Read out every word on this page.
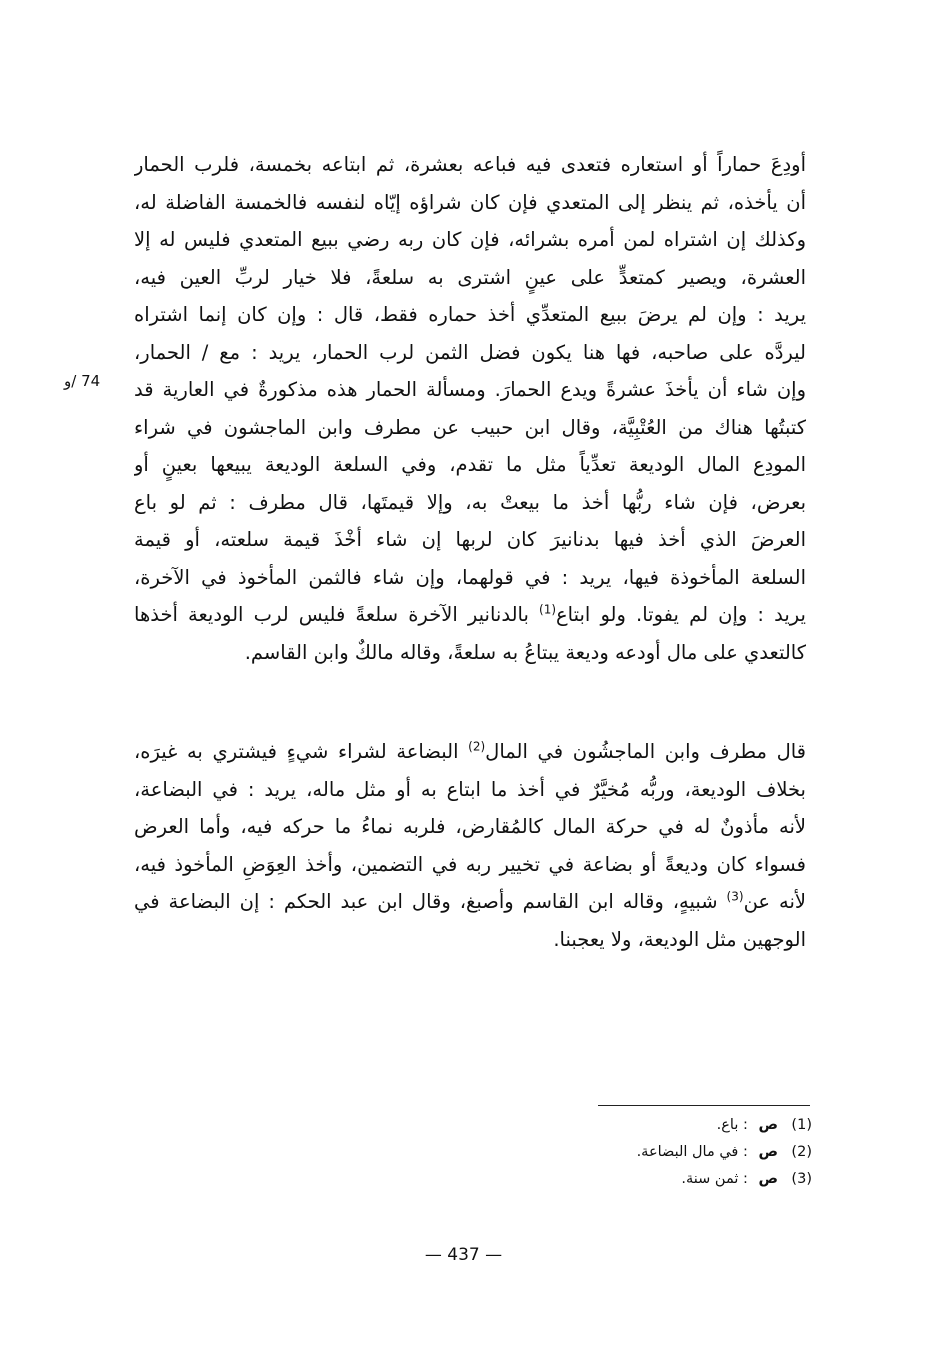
74 /و
أودِعَ حماراً أو استعاره فتعدى فيه فباعه بعشرة، ثم ابتاعه بخمسة، فلرب الحمار
أن يأخذه، ثم ينظر إلى المتعدي فإن كان شراؤه إيّاه لنفسه فالخمسة الفاضلة له،
وكذلك إن اشتراه لمن أمره بشرائه، فإن كان ربه رضي ببيع المتعدي فليس له إلا
العشرة، ويصير كمتعدٍّ على عينٍ اشترى به سلعةً، فلا خيار لربِّ العين فيه،
يريد : وإن لم يرضَ ببيع المتعدِّي أخذ حماره فقط، قال : وإن كان إنما اشتراه
ليردَّه على صاحبه، فها هنا يكون فضل الثمن لرب الحمار، يريد : مع / الحمار،
وإن شاء أن يأخذَ عشرةً ويدع الحمارَ. ومسألة الحمار هذه مذكورةٌ في العارية قد
كتبتُها هناك من العُتْبِيَّة، وقال ابن حبيب عن مطرف وابن الماجشون في شراء
المودِع المال الوديعة تعدِّياً مثل ما تقدم، وفي السلعة الوديعة يبيعها بعينٍ أو
بعرض، فإن شاء ربُّها أخذ ما بيعتْ به، وإلا قيمتَها، قال مطرف : ثم لو باع
العرضَ الذي أخذ فيها بدنانيرَ كان لربها إن شاء أخْذَ قيمة سلعته، أو قيمة
السلعة المأخوذة فيها، يريد : في قولهما، وإن شاء فالثمن المأخوذ في الآخرة،
يريد : وإن لم يفوتا. ولو ابتاع$^{(1)}$ بالدنانير الآخرة سلعةً فليس لرب الوديعة أخذها
كالتعدي على مال أودعه وديعة يبتاعُ به سلعةً، وقاله مالكٌ وابن القاسم.
قال مطرف وابن الماجشُون في المال$^{(2)}$ البضاعة لشراء شيءٍ فيشتري به غيرَه،
بخلاف الوديعة، وربُّه مُخيَّرٌ في أخذ ما ابتاع به أو مثل ماله، يريد : في البضاعة،
لأنه مأذونٌ له في حركة المال كالمُقارض، فلربه نماءُ ما حركه فيه، وأما العرض
فسواء كان وديعةً أو بضاعة في تخيير ربه في التضمين، وأخذ العِوَضِ المأخوذ فيه،
لأنه عن$^{(3)}$ شبيهٍ، وقاله ابن القاسم وأصبغ، وقال ابن عبد الحكم : إن البضاعة في
الوجهين مثل الوديعة، ولا يعجبنا.
(1)ص : باع.
(2)ص : في مال البضاعة.
(3)ص : ثمن سنة.
— 437 —
